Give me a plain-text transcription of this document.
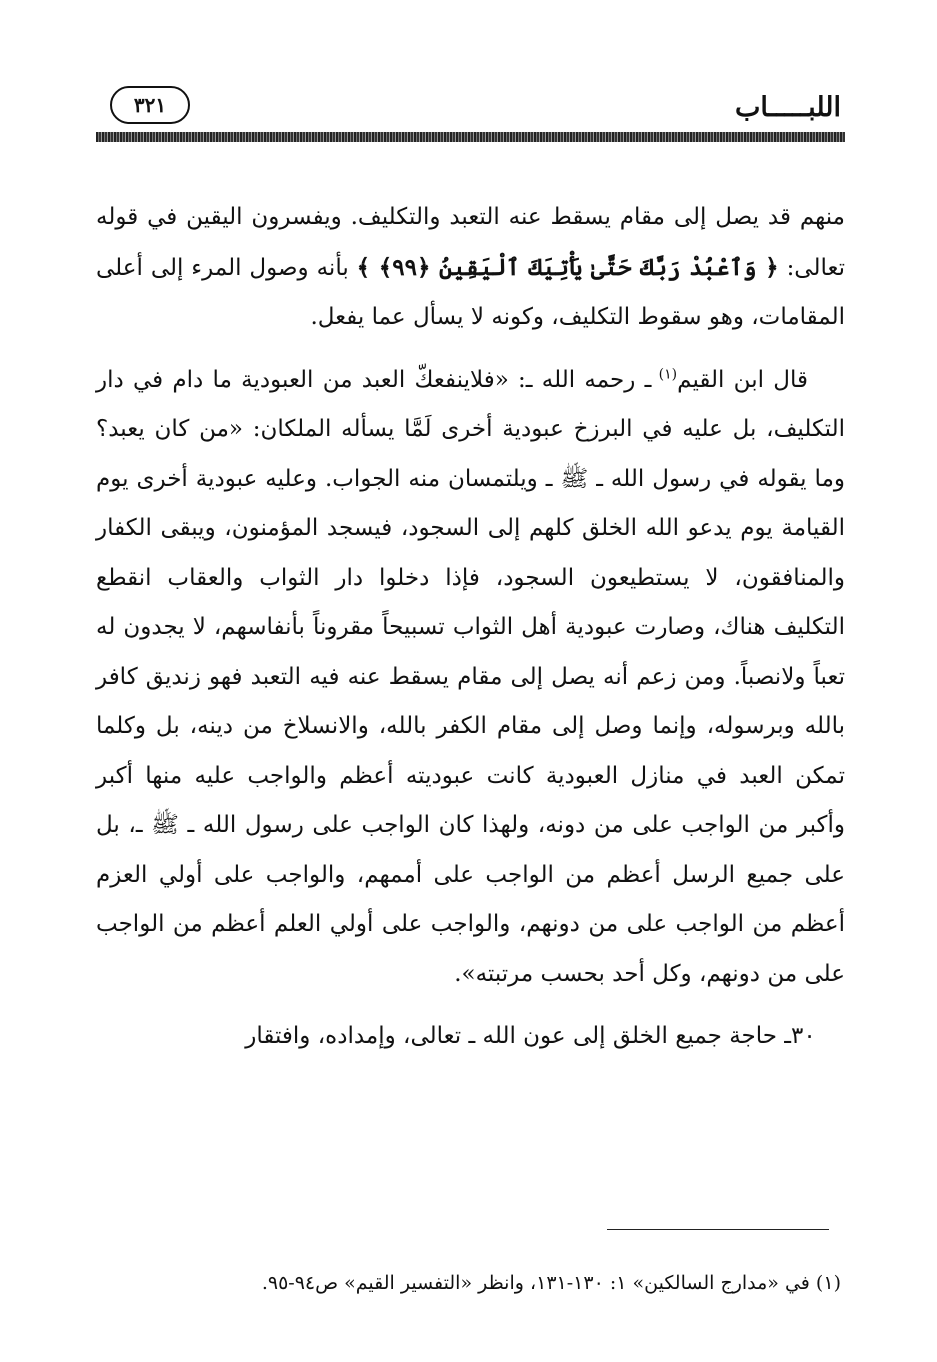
اللبـــــاب
٣٢١

منهم قد يصل إلى مقام يسقط عنه التعبد والتكليف. ويفسرون اليقين في قوله تعالى: ﴿ وَٱعْبُدْ رَبَّكَ حَتَّىٰ يَأْتِيَكَ ٱلْيَقِينُ ﴿٩٩﴾ ﴾ بأنه وصول المرء إلى أعلى المقامات، وهو سقوط التكليف، وكونه لا يسأل عما يفعل.

قال ابن القيم$^{(١)}$ ـ رحمه الله ـ: «فلاينفعكّ العبد من العبودية ما دام في دار التكليف، بل عليه في البرزخ عبودية أخرى لَمَّا يسأله الملكان: «من كان يعبد؟ وما يقوله في رسول الله ـ ﷺ ـ ويلتمسان منه الجواب. وعليه عبودية أخرى يوم القيامة يوم يدعو الله الخلق كلهم إلى السجود، فيسجد المؤمنون، ويبقى الكفار والمنافقون، لا يستطيعون السجود، فإذا دخلوا دار الثواب والعقاب انقطع التكليف هناك، وصارت عبودية أهل الثواب تسبيحاً مقروناً بأنفاسهم، لا يجدون له تعباً ولانصباً. ومن زعم أنه يصل إلى مقام يسقط عنه فيه التعبد فهو زنديق كافر بالله وبرسوله، وإنما وصل إلى مقام الكفر بالله، والانسلاخ من دينه، بل وكلما تمكن العبد في منازل العبودية كانت عبوديته أعظم والواجب عليه منها أكبر وأكبر من الواجب على من دونه، ولهذا كان الواجب على رسول الله ـ ﷺ ـ، بل على جميع الرسل أعظم من الواجب على أممهم، والواجب على أولي العزم أعظم من الواجب على من دونهم، والواجب على أولي العلم أعظم من الواجب على من دونهم، وكل أحد بحسب مرتبته».

٣٠ـ حاجة جميع الخلق إلى عون الله ـ تعالى، وإمداده، وافتقار

(١) في «مدارج السالكين» ١: ١٣٠-١٣١، وانظر «التفسير القيم» ص٩٤-٩٥.
